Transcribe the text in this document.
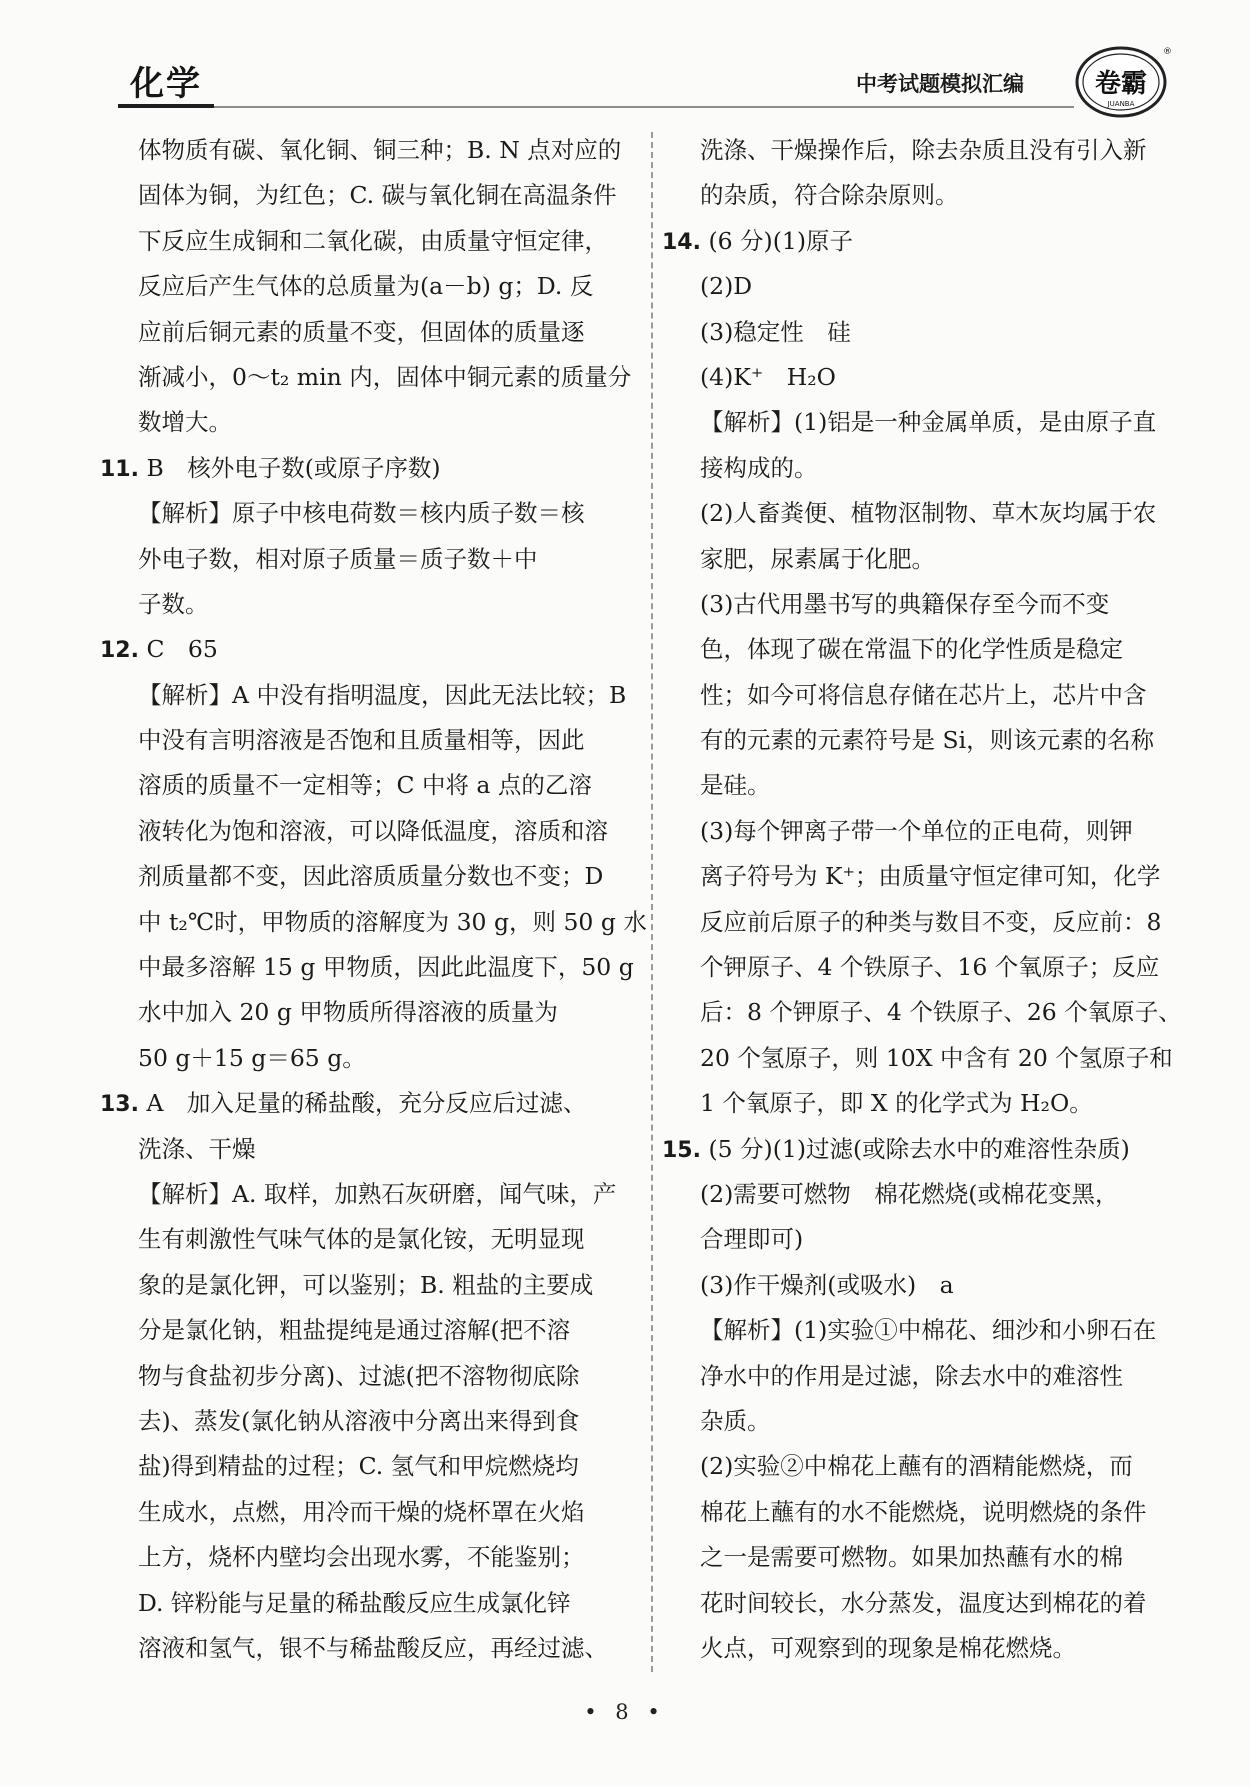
化学	中考试题模拟汇编	卷霸
JUANBA
®
体物质有碳、氧化铜、铜三种；B. N 点对应的
固体为铜，为红色；C. 碳与氧化铜在高温条件
下反应生成铜和二氧化碳，由质量守恒定律，
反应后产生气体的总质量为(a－b) g；D. 反
应前后铜元素的质量不变，但固体的质量逐
渐减小，0～t₂ min 内，固体中铜元素的质量分
数增大。
11. B　核外电子数(或原子序数)
【解析】原子中核电荷数＝核内质子数＝核
外电子数，相对原子质量＝质子数＋中
子数。
12. C　65
【解析】A 中没有指明温度，因此无法比较；B
中没有言明溶液是否饱和且质量相等，因此
溶质的质量不一定相等；C 中将 a 点的乙溶
液转化为饱和溶液，可以降低温度，溶质和溶
剂质量都不变，因此溶质质量分数也不变；D
中 t₂℃时，甲物质的溶解度为 30 g，则 50 g 水
中最多溶解 15 g 甲物质，因此此温度下，50 g
水中加入 20 g 甲物质所得溶液的质量为
50 g＋15 g＝65 g。
13. A　加入足量的稀盐酸，充分反应后过滤、
洗涤、干燥
【解析】A. 取样，加熟石灰研磨，闻气味，产
生有刺激性气味气体的是氯化铵，无明显现
象的是氯化钾，可以鉴别；B. 粗盐的主要成
分是氯化钠，粗盐提纯是通过溶解(把不溶
物与食盐初步分离)、过滤(把不溶物彻底除
去)、蒸发(氯化钠从溶液中分离出来得到食
盐)得到精盐的过程；C. 氢气和甲烷燃烧均
生成水，点燃，用冷而干燥的烧杯罩在火焰
上方，烧杯内壁均会出现水雾，不能鉴别；
D. 锌粉能与足量的稀盐酸反应生成氯化锌
溶液和氢气，银不与稀盐酸反应，再经过滤、
洗涤、干燥操作后，除去杂质且没有引入新
的杂质，符合除杂原则。
14. (6 分)(1)原子
(2)D
(3)稳定性　硅
(4)K⁺　H₂O
【解析】(1)铝是一种金属单质，是由原子直
接构成的。
(2)人畜粪便、植物沤制物、草木灰均属于农
家肥，尿素属于化肥。
(3)古代用墨书写的典籍保存至今而不变
色，体现了碳在常温下的化学性质是稳定
性；如今可将信息存储在芯片上，芯片中含
有的元素的元素符号是 Si，则该元素的名称
是硅。
(3)每个钾离子带一个单位的正电荷，则钾
离子符号为 K⁺；由质量守恒定律可知，化学
反应前后原子的种类与数目不变，反应前：8
个钾原子、4 个铁原子、16 个氧原子；反应
后：8 个钾原子、4 个铁原子、26 个氧原子、
20 个氢原子，则 10X 中含有 20 个氢原子和
1 个氧原子，即 X 的化学式为 H₂O。
15. (5 分)(1)过滤(或除去水中的难溶性杂质)
(2)需要可燃物　棉花燃烧(或棉花变黑，
合理即可)
(3)作干燥剂(或吸水)　a
【解析】(1)实验①中棉花、细沙和小卵石在
净水中的作用是过滤，除去水中的难溶性
杂质。
(2)实验②中棉花上蘸有的酒精能燃烧，而
棉花上蘸有的水不能燃烧，说明燃烧的条件
之一是需要可燃物。如果加热蘸有水的棉
花时间较长，水分蒸发，温度达到棉花的着
火点，可观察到的现象是棉花燃烧。
• 8 •
